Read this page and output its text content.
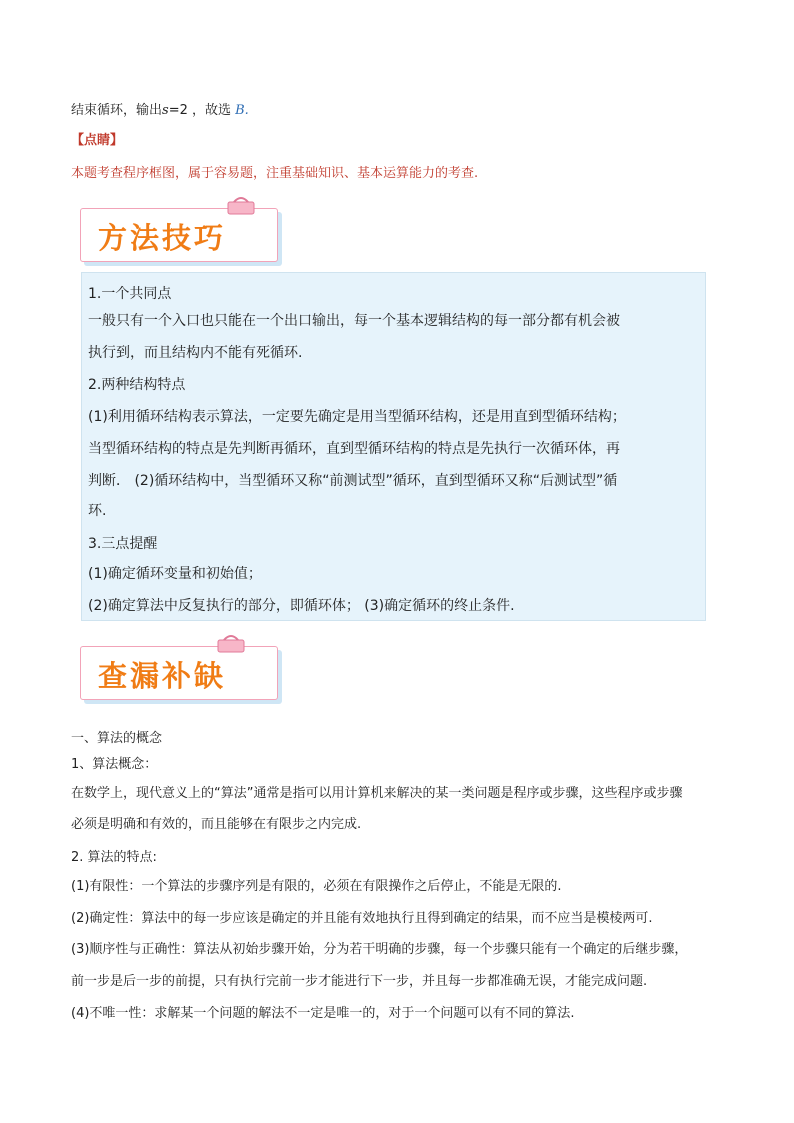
结束循环，输出s=2 ，故选 B.
【点睛】
本题考查程序框图，属于容易题，注重基础知识、基本运算能力的考查.
方法技巧
1.一个共同点
一般只有一个入口也只能在一个出口输出，每一个基本逻辑结构的每一部分都有机会被
执行到，而且结构内不能有死循环.
2.两种结构特点
(1)利用循环结构表示算法，一定要先确定是用当型循环结构，还是用直到型循环结构；
当型循环结构的特点是先判断再循环，直到型循环结构的特点是先执行一次循环体，再
判断． (2)循环结构中，当型循环又称“前测试型”循环，直到型循环又称“后测试型”循
环.
3.三点提醒
(1)确定循环变量和初始值；
(2)确定算法中反复执行的部分，即循环体； (3)确定循环的终止条件.
查漏补缺
一、算法的概念
1、算法概念：
在数学上，现代意义上的“算法”通常是指可以用计算机来解决的某一类问题是程序或步骤，这些程序或步骤
必须是明确和有效的，而且能够在有限步之内完成.
2. 算法的特点:
(1)有限性：一个算法的步骤序列是有限的，必须在有限操作之后停止，不能是无限的.
(2)确定性：算法中的每一步应该是确定的并且能有效地执行且得到确定的结果，而不应当是模棱两可.
(3)顺序性与正确性：算法从初始步骤开始，分为若干明确的步骤，每一个步骤只能有一个确定的后继步骤，
前一步是后一步的前提，只有执行完前一步才能进行下一步，并且每一步都准确无误，才能完成问题.
(4)不唯一性：求解某一个问题的解法不一定是唯一的，对于一个问题可以有不同的算法.
